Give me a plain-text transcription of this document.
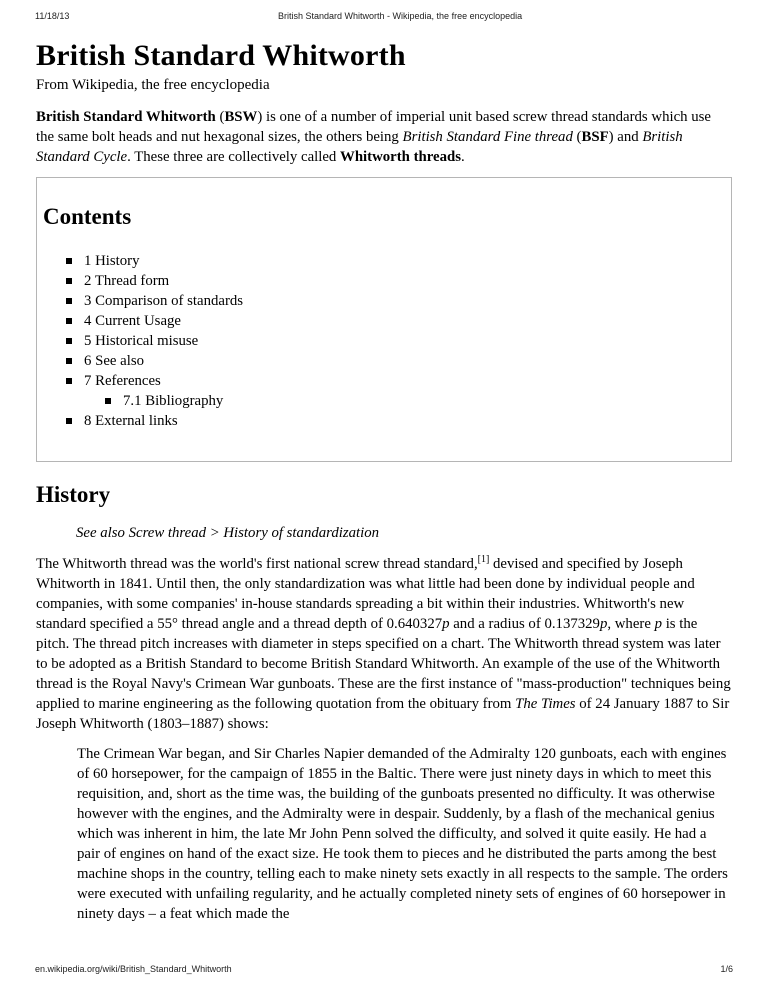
11/18/13	British Standard Whitworth - Wikipedia, the free encyclopedia
British Standard Whitworth
From Wikipedia, the free encyclopedia

British Standard Whitworth (BSW) is one of a number of imperial unit based screw thread standards which use the same bolt heads and nut hexagonal sizes, the others being British Standard Fine thread (BSF) and British Standard Cycle. These three are collectively called Whitworth threads.

Contents
1 History
2 Thread form
3 Comparison of standards
4 Current Usage
5 Historical misuse
6 See also
7 References
7.1 Bibliography
8 External links
History
See also Screw thread > History of standardization

The Whitworth thread was the world's first national screw thread standard,[1] devised and specified by Joseph Whitworth in 1841. Until then, the only standardization was what little had been done by individual people and companies, with some companies' in-house standards spreading a bit within their industries. Whitworth's new standard specified a 55° thread angle and a thread depth of 0.640327p and a radius of 0.137329p, where p is the pitch. The thread pitch increases with diameter in steps specified on a chart. The Whitworth thread system was later to be adopted as a British Standard to become British Standard Whitworth. An example of the use of the Whitworth thread is the Royal Navy's Crimean War gunboats. These are the first instance of "mass-production" techniques being applied to marine engineering as the following quotation from the obituary from The Times of 24 January 1887 to Sir Joseph Whitworth (1803–1887) shows:

The Crimean War began, and Sir Charles Napier demanded of the Admiralty 120 gunboats, each with engines of 60 horsepower, for the campaign of 1855 in the Baltic. There were just ninety days in which to meet this requisition, and, short as the time was, the building of the gunboats presented no difficulty. It was otherwise however with the engines, and the Admiralty were in despair. Suddenly, by a flash of the mechanical genius which was inherent in him, the late Mr John Penn solved the difficulty, and solved it quite easily. He had a pair of engines on hand of the exact size. He took them to pieces and he distributed the parts among the best machine shops in the country, telling each to make ninety sets exactly in all respects to the sample. The orders were executed with unfailing regularity, and he actually completed ninety sets of engines of 60 horsepower in ninety days – a feat which made the
en.wikipedia.org/wiki/British_Standard_Whitworth	1/6
